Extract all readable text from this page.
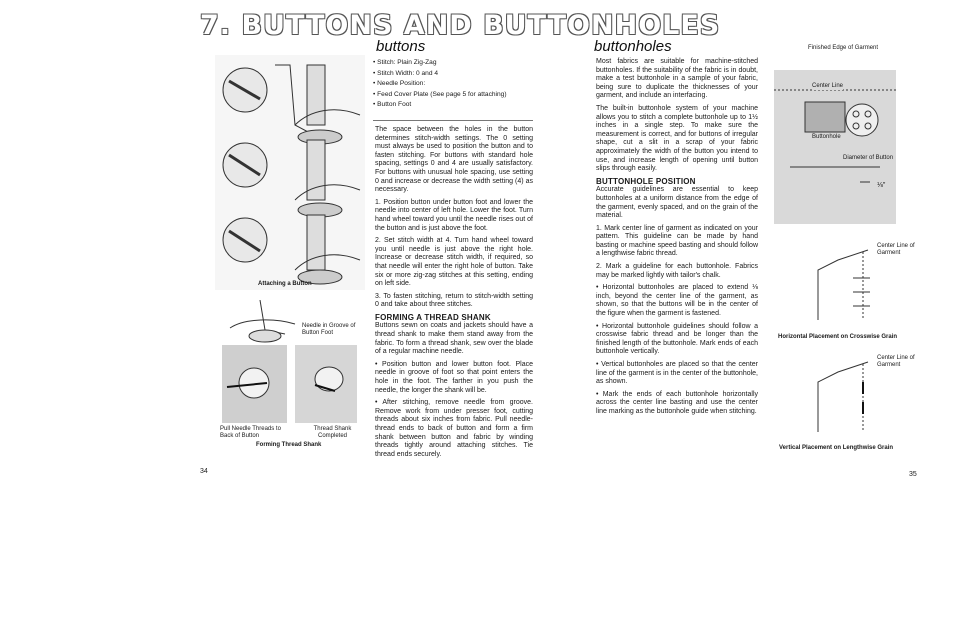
7. BUTTONS AND BUTTONHOLES
buttons
Attaching a Button
Needle in Groove of Button Foot
Pull Needle Threads to Back of Button
Thread Shank Completed
Forming Thread Shank
• Stitch: Plain Zig-Zag
• Stitch Width: 0 and 4
• Needle Position:
• Feed Cover Plate (See page 5 for attaching)
• Button Foot

The space between the holes in the button determines stitch-width settings. The 0 setting must always be used to position the button and to fasten stitching. For buttons with standard hole spacing, settings 0 and 4 are usually satisfactory. For buttons with unusual hole spacing, use setting 0 and increase or decrease the width setting (4) as necessary.

1. Position button under button foot and lower the needle into center of left hole. Lower the foot. Turn hand wheel toward you until the needle rises out of the button and is just above the foot.

2. Set stitch width at 4. Turn hand wheel toward you until needle is just above the right hole. Increase or decrease stitch width, if required, so that needle will enter the right hole of button. Take six or more zig-zag stitches at this setting, ending on left side.

3. To fasten stitching, return to stitch-width setting 0 and take about three stitches.

FORMING A THREAD SHANK

Buttons sewn on coats and jackets should have a thread shank to make them stand away from the fabric. To form a thread shank, sew over the blade of a regular machine needle.

• Position button and lower button foot. Place needle in groove of foot so that point enters the hole in the foot. The farther in you push the needle, the longer the shank will be.

• After stitching, remove needle from groove. Remove work from under presser foot, cutting threads about six inches from fabric. Pull needle-thread ends to back of button and form a firm shank between button and fabric by winding threads tightly around attaching stitches. Tie thread ends securely.

34
buttonholes

Most fabrics are suitable for machine-stitched buttonholes. If the suitability of the fabric is in doubt, make a test buttonhole in a sample of your fabric, being sure to duplicate the thicknesses of your garment, and include an interfacing.

The built-in buttonhole system of your machine allows you to stitch a complete buttonhole up to 1½ inches in a single step. To make sure the measurement is correct, and for buttons of irregular shape, cut a slit in a scrap of your fabric approximately the width of the button you intend to use, and increase length of opening until button slips through easily.

BUTTONHOLE POSITION

Accurate guidelines are essential to keep buttonholes at a uniform distance from the edge of the garment, evenly spaced, and on the grain of the material.

1. Mark center line of garment as indicated on your pattern. This guideline can be made by hand basting or machine speed basting and should follow a lengthwise fabric thread.

2. Mark a guideline for each buttonhole. Fabrics may be marked lightly with tailor's chalk.

• Horizontal buttonholes are placed to extend ⅛ inch, beyond the center line of the garment, as shown, so that the buttons will be in the center of the figure when the garment is fastened.

• Horizontal buttonhole guidelines should follow a crosswise fabric thread and be longer than the finished length of the buttonhole. Mark ends of each buttonhole vertically.

• Vertical buttonholes are placed so that the center line of the garment is in the center of the buttonhole, as shown.

• Mark the ends of each buttonhole horizontally across the center line basting and use the center line marking as the buttonhole guide when stitching.

Finished Edge of Garment
Center Line
Buttonhole
Diameter of Button
⅛"
Center Line of Garment
Horizontal Placement on Crosswise Grain
Center Line of Garment
Vertical Placement on Lengthwise Grain
35
